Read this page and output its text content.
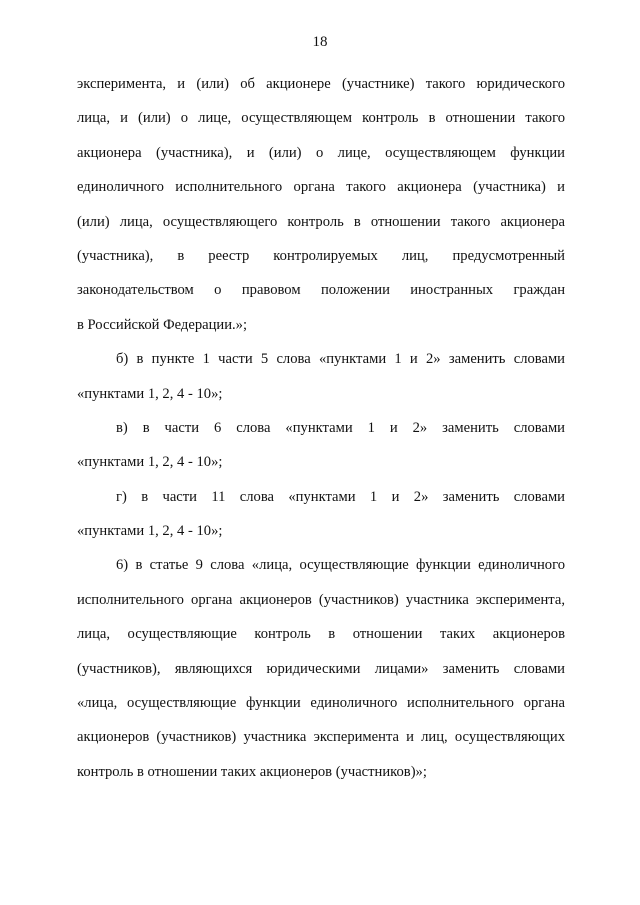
18
эксперимента, и (или) об акционере (участнике) такого юридического
лица, и (или) о лице, осуществляющем контроль в отношении такого
акционера (участника), и (или) о лице, осуществляющем функции
единоличного исполнительного органа такого акционера (участника) и
(или) лица, осуществляющего контроль в отношении такого акционера
(участника), в реестр контролируемых лиц, предусмотренный
законодательством о правовом положении иностранных граждан
в Российской Федерации.»;
б) в пункте 1 части 5 слова «пунктами 1 и 2» заменить словами
«пунктами 1, 2, 4 - 10»;
в) в части 6 слова «пунктами 1 и 2» заменить словами
«пунктами 1, 2, 4 - 10»;
г) в части 11 слова «пунктами 1 и 2» заменить словами
«пунктами 1, 2, 4 - 10»;
6) в статье 9 слова «лица, осуществляющие функции единоличного
исполнительного органа акционеров (участников) участника эксперимента,
лица, осуществляющие контроль в отношении таких акционеров
(участников), являющихся юридическими лицами» заменить словами
«лица, осуществляющие функции единоличного исполнительного органа
акционеров (участников) участника эксперимента и лиц, осуществляющих
контроль в отношении таких акционеров (участников)»;
